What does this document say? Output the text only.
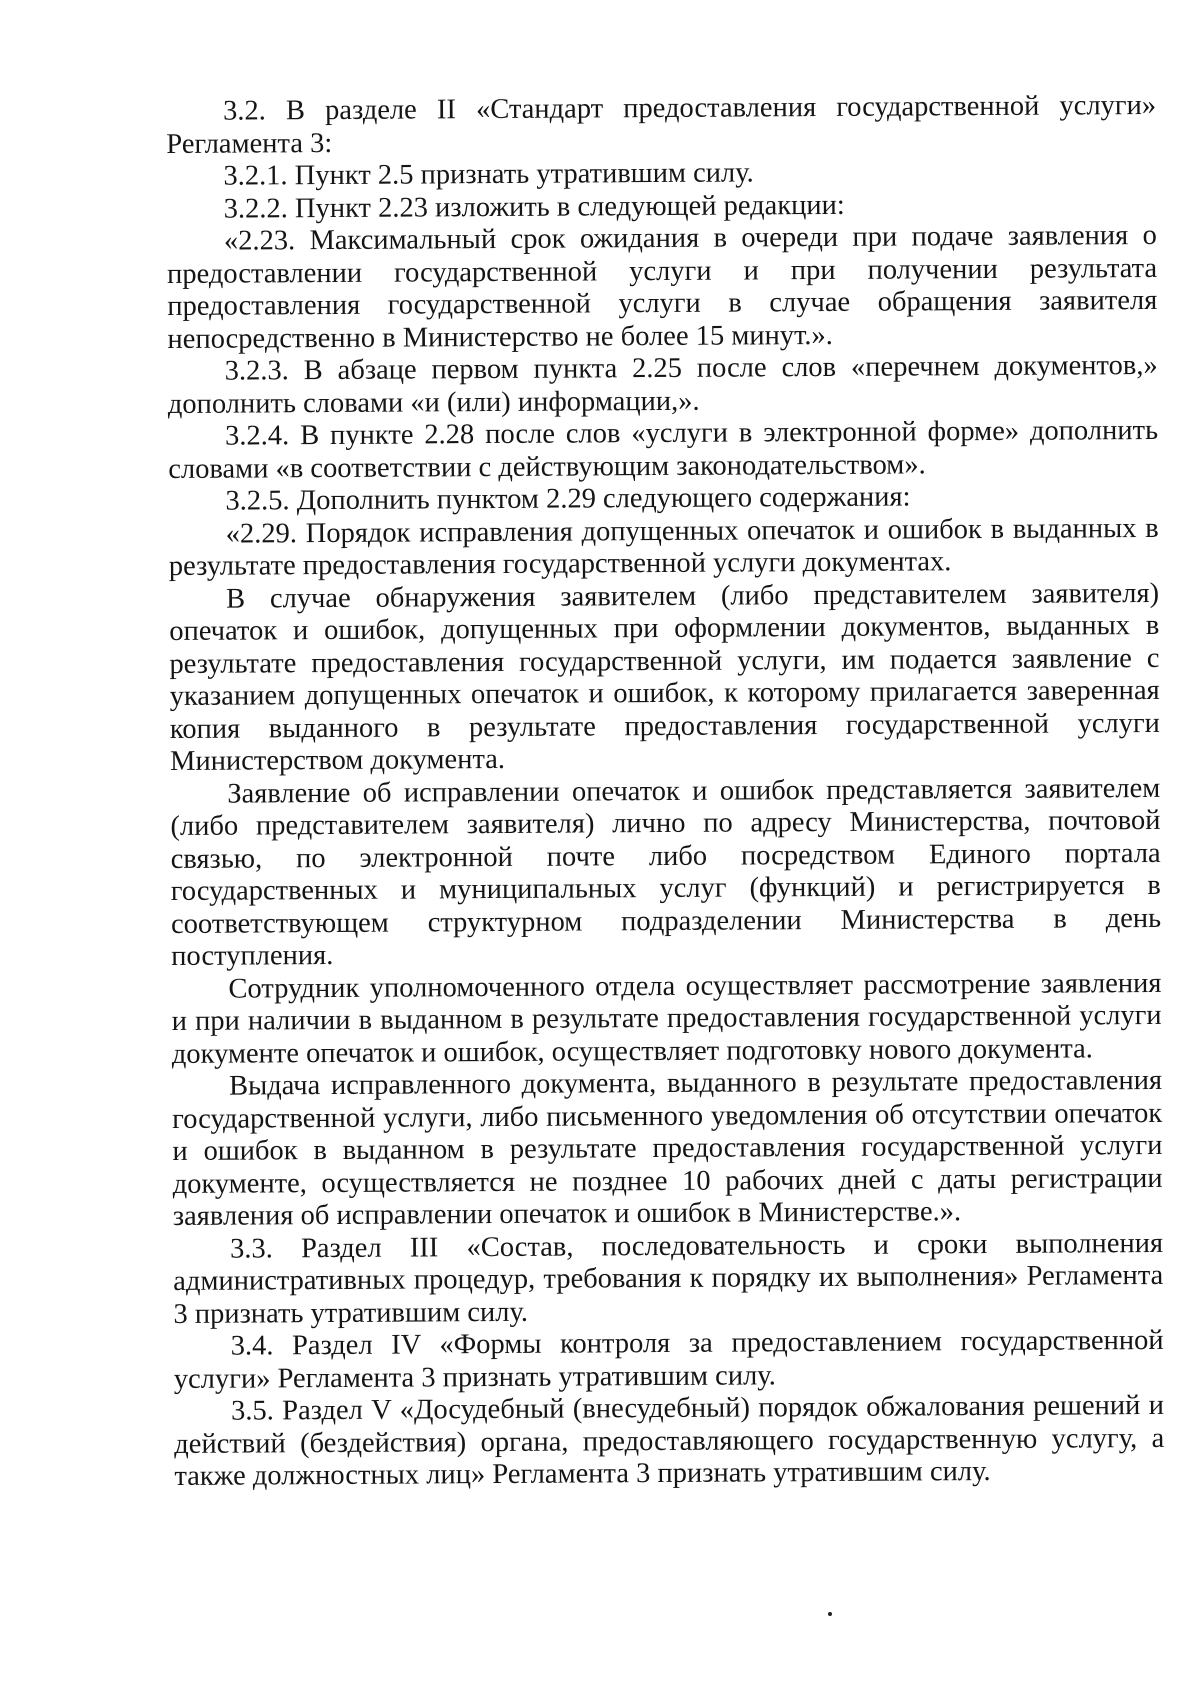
3.2. В разделе II «Стандарт предоставления государственной услуги» Регламента 3:

3.2.1. Пункт 2.5 признать утратившим силу.

3.2.2. Пункт 2.23 изложить в следующей редакции:

«2.23. Максимальный срок ожидания в очереди при подаче заявления о предоставлении государственной услуги и при получении результата предоставления государственной услуги в случае обращения заявителя непосредственно в Министерство не более 15 минут.».

3.2.3. В абзаце первом пункта 2.25 после слов «перечнем документов,» дополнить словами «и (или) информации,».

3.2.4. В пункте 2.28 после слов «услуги в электронной форме» дополнить словами «в соответствии с действующим законодательством».

3.2.5. Дополнить пунктом 2.29 следующего содержания:

«2.29. Порядок исправления допущенных опечаток и ошибок в выданных в результате предоставления государственной услуги документах.

В случае обнаружения заявителем (либо представителем заявителя) опечаток и ошибок, допущенных при оформлении документов, выданных в результате предоставления государственной услуги, им подается заявление с указанием допущенных опечаток и ошибок, к которому прилагается заверенная копия выданного в результате предоставления государственной услуги Министерством документа.

Заявление об исправлении опечаток и ошибок представляется заявителем (либо представителем заявителя) лично по адресу Министерства, почтовой связью, по электронной почте либо посредством Единого портала государственных и муниципальных услуг (функций) и регистрируется в соответствующем структурном подразделении Министерства в день поступления.

Сотрудник уполномоченного отдела осуществляет рассмотрение заявления и при наличии в выданном в результате предоставления государственной услуги документе опечаток и ошибок, осуществляет подготовку нового документа.

Выдача исправленного документа, выданного в результате предоставления государственной услуги, либо письменного уведомления об отсутствии опечаток и ошибок в выданном в результате предоставления государственной услуги документе, осуществляется не позднее 10 рабочих дней с даты регистрации заявления об исправлении опечаток и ошибок в Министерстве.».

3.3. Раздел III «Состав, последовательность и сроки выполнения административных процедур, требования к порядку их выполнения» Регламента 3 признать утратившим силу.

3.4. Раздел IV «Формы контроля за предоставлением государственной услуги» Регламента 3 признать утратившим силу.

3.5. Раздел V «Досудебный (внесудебный) порядок обжалования решений и действий (бездействия) органа, предоставляющего государственную услугу, а также должностных лиц» Регламента 3 признать утратившим силу.
